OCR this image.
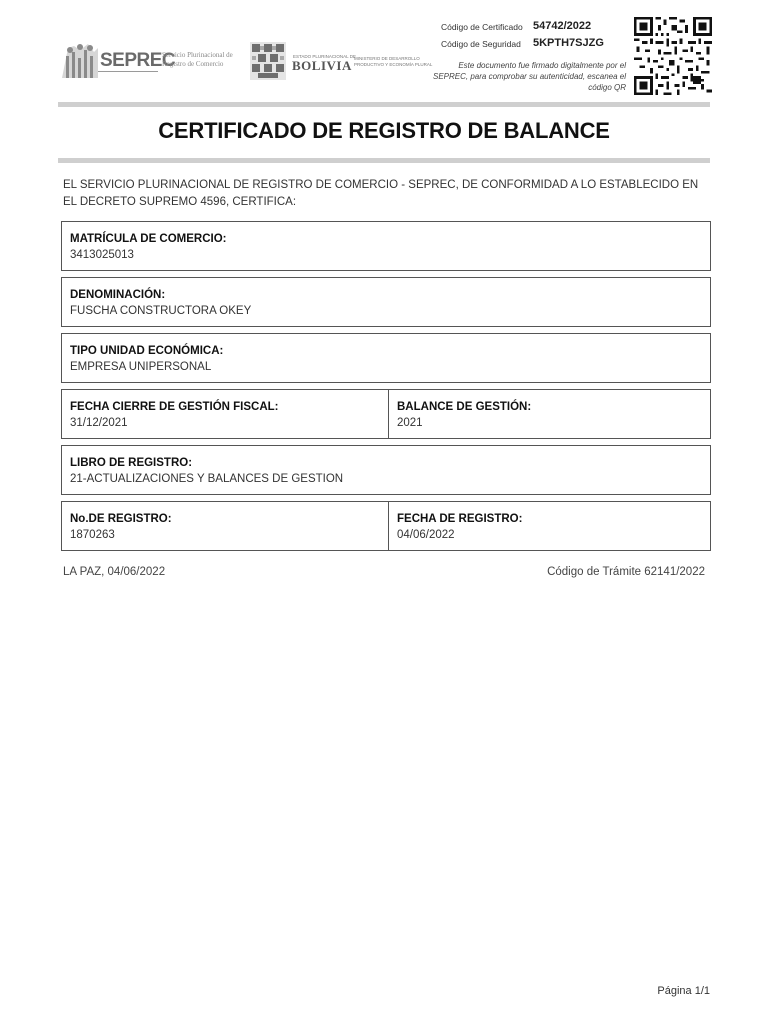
SEPREC
Servicio Plurinacional de Registro de Comercio
ESTADO PLURINACIONAL DE
BOLIVIA MINISTERIO DE DESARROLLO PRODUCTIVO Y ECONOMÍA PLURAL
Código de Certificado 54742/2022
Código de Seguridad 5KPTH7SJZG
Este documento fue firmado digitalmente por el SEPREC, para comprobar su autenticidad, escanea el código QR
CERTIFICADO DE REGISTRO DE BALANCE
EL SERVICIO PLURINACIONAL DE REGISTRO DE COMERCIO - SEPREC, DE CONFORMIDAD A LO ESTABLECIDO EN EL DECRETO SUPREMO 4596, CERTIFICA:
MATRÍCULA DE COMERCIO:
3413025013
DENOMINACIÓN:
FUSCHA CONSTRUCTORA OKEY
TIPO UNIDAD ECONÓMICA:
EMPRESA UNIPERSONAL
FECHA CIERRE DE GESTIÓN FISCAL:
31/12/2021
BALANCE DE GESTIÓN:
2021
LIBRO DE REGISTRO:
21-ACTUALIZACIONES Y BALANCES DE GESTION
No.DE REGISTRO:
1870263
FECHA DE REGISTRO:
04/06/2022
LA PAZ, 04/06/2022	Código de Trámite 62141/2022
Página 1/1
